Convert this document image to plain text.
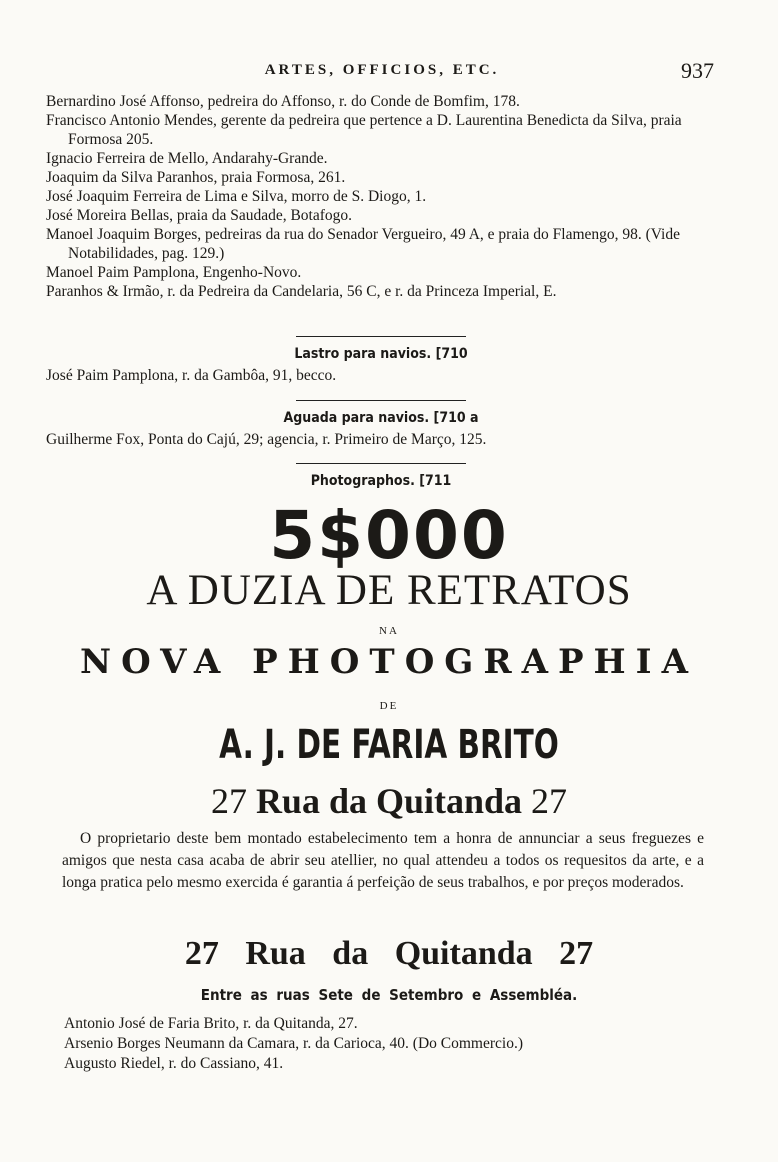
ARTES, OFFICIOS, ETC.	937

Bernardino José Affonso, pedreira do Affonso, r. do Conde de Bomfim, 178.

Francisco Antonio Mendes, gerente da pedreira que pertence a D. Laurentina Benedicta da Silva, praia Formosa 205.

Ignacio Ferreira de Mello, Andarahy-Grande.

Joaquim da Silva Paranhos, praia Formosa, 261.

José Joaquim Ferreira de Lima e Silva, morro de S. Diogo, 1.

José Moreira Bellas, praia da Saudade, Botafogo.

Manoel Joaquim Borges, pedreiras da rua do Senador Vergueiro, 49 A, e praia do Flamengo, 98. (Vide Notabilidades, pag. 129.)

Manoel Paim Pamplona, Engenho-Novo.

Paranhos & Irmão, r. da Pedreira da Candelaria, 56 C, e r. da Princeza Imperial, E.

Lastro para navios. [710

José Paim Pamplona, r. da Gambôa, 91, becco.

Aguada para navios. [710 a

Guilherme Fox, Ponta do Cajú, 29; agencia, r. Primeiro de Março, 125.

Photographos. [711

5$000
A DUZIA DE RETRATOS
NA
NOVA PHOTOGRAPHIA
DE
A. J. DE FARIA BRITO
27 Rua da Quitanda 27
O proprietario deste bem montado estabelecimento tem a honra de annunciar a seus freguezes e amigos que nesta casa acaba de abrir seu atellier, no qual attendeu a todos os requesitos da arte, e a longa pratica pelo mesmo exercida é garantia á perfeição de seus trabalhos, e por preços moderados.
27 Rua da Quitanda 27
Entre as ruas Sete de Setembro e Assembléa.

Antonio José de Faria Brito, r. da Quitanda, 27.

Arsenio Borges Neumann da Camara, r. da Carioca, 40. (Do Commercio.)

Augusto Riedel, r. do Cassiano, 41.
